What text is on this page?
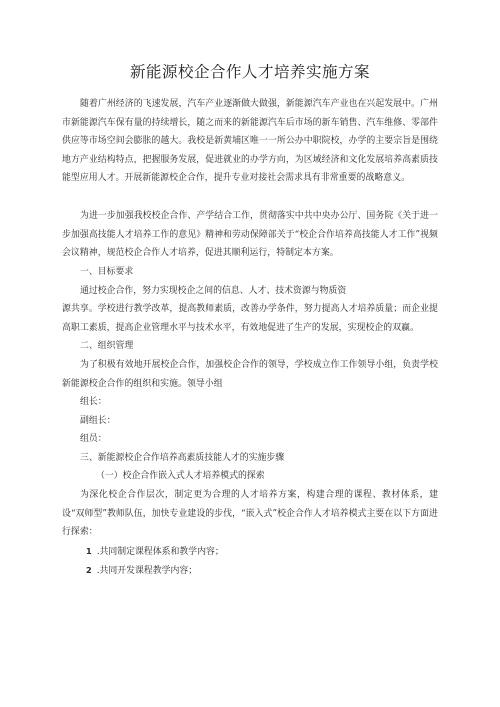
新能源校企合作人才培养实施方案

随着广州经济的飞速发展，汽车产业逐渐做大做强，新能源汽车产业也在兴起发展中。广州市新能源汽车保有量的持续增长，随之而来的新能源汽车后市场的新车销售、汽车维修、零部件供应等市场空间会膨胀的越大。我校是新黄埔区唯一一所公办中职院校，办学的主要宗旨是围绕地方产业结构特点，把握服务发展，促进就业的办学方向，为区域经济和文化发展培养高素质技能型应用人才。开展新能源校企合作，提升专业对接社会需求具有非常重要的战略意义。

为进一步加强我校校企合作、产学结合工作，贯彻落实中共中央办公厅、国务院《关于进一步加强高技能人才培养工作的意见》精神和劳动保障部关于“校企合作培养高技能人才工作”视频会议精神，规范校企合作人才培养，促进其顺利运行，特制定本方案。

一、目标要求

通过校企合作，努力实现校企之间的信息、人才、技术资源与物质资

源共享。学校进行教学改革，提高教师素质，改善办学条件，努力提高人才培养质量；而企业提高职工素质，提高企业管理水平与技术水平，有效地促进了生产的发展，实现校企的双赢。

二、组织管理

为了积极有效地开展校企合作，加强校企合作的领导，学校成立作工作领导小组，负责学校新能源校企合作的组织和实施。领导小组

组长：

副组长：

组员：

三、新能源校企合作培养高素质技能人才的实施步骤

（一）校企合作嵌入式人才培养模式的探索

为深化校企合作层次，制定更为合理的人才培养方案，构建合理的课程、教材体系，建设“双师型”教师队伍，加快专业建设的步伐，“嵌入式”校企合作人才培养模式主要在以下方面进行探索：

1 .共同制定课程体系和教学内容；

2 .共同开发课程教学内容；
